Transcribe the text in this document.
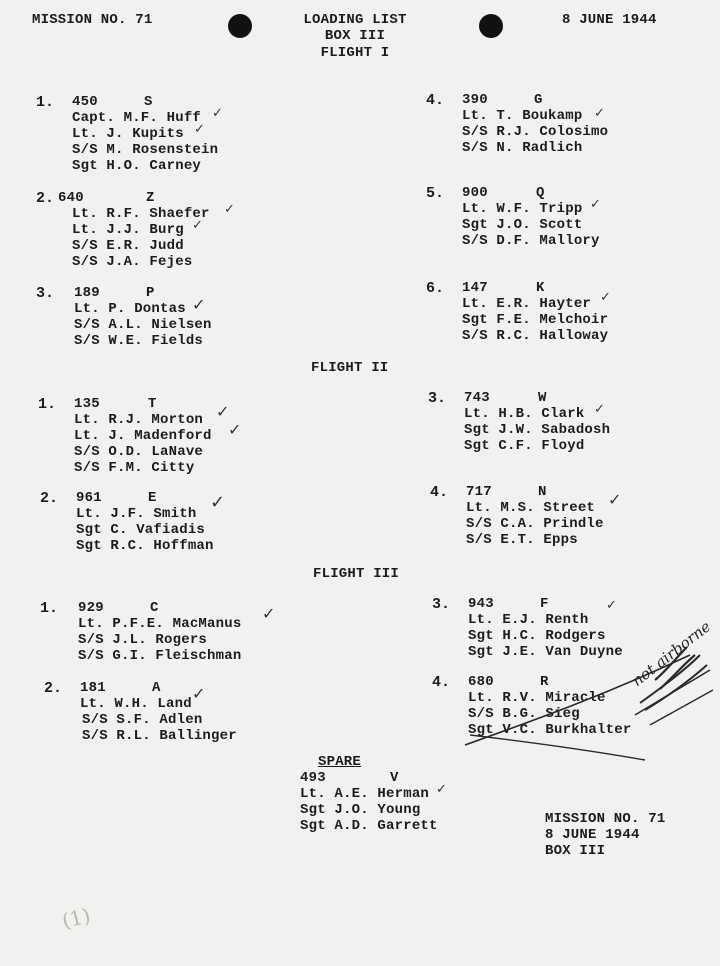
MISSION NO. 71	LOADING LIST
BOX III
FLIGHT I
8 JUNE 1944
1. 450	S
Capt. M.F. Huff
Lt. J. Kupits
S/S M. Rosenstein
Sgt H.O. Carney
✓
✓
2. 640	Z
Lt. R.F. Shaefer
Lt. J.J. Burg
S/S E.R. Judd
S/S J.A. Fejes
✓
✓
3. 189	P
Lt. P. Dontas
S/S A.L. Nielsen
S/S W.E. Fields
✓
4. 390	G
Lt. T. Boukamp
S/S R.J. Colosimo
S/S N. Radlich
✓
5. 900	Q
Lt. W.F. Tripp
Sgt J.O. Scott
S/S D.F. Mallory
✓
6. 147	K
Lt. E.R. Hayter
Sgt F.E. Melchoir
S/S R.C. Halloway
✓
FLIGHT II
1. 135	T
Lt. R.J. Morton
Lt. J. Madenford
S/S O.D. LaNave
S/S F.M. Citty
✓
✓
2. 961	E
Lt. J.F. Smith
Sgt C. Vafiadis
Sgt R.C. Hoffman
✓
3. 743	W
Lt. H.B. Clark
Sgt J.W. Sabadosh
Sgt C.F. Floyd
✓
4. 717	N
Lt. M.S. Street
S/S C.A. Prindle
S/S E.T. Epps
✓
FLIGHT III
1. 929	C
Lt. P.F.E. MacManus
S/S J.L. Rogers
S/S G.I. Fleischman
✓
2. 181	A
Lt. W.H. Land
S/S S.F. Adlen
S/S R.L. Ballinger
✓
3. 943	F
Lt. E.J. Renth
Sgt H.C. Rodgers
Sgt J.E. Van Duyne
✓
4. 680	R
Lt. R.V. Miracle
S/S B.G. Sieg
Sgt V.C. Burkhalter
not airborne
SPARE
493	V
Lt. A.E. Herman
Sgt J.O. Young
Sgt A.D. Garrett
✓
MISSION NO. 71
8 JUNE 1944
BOX III
(1)
